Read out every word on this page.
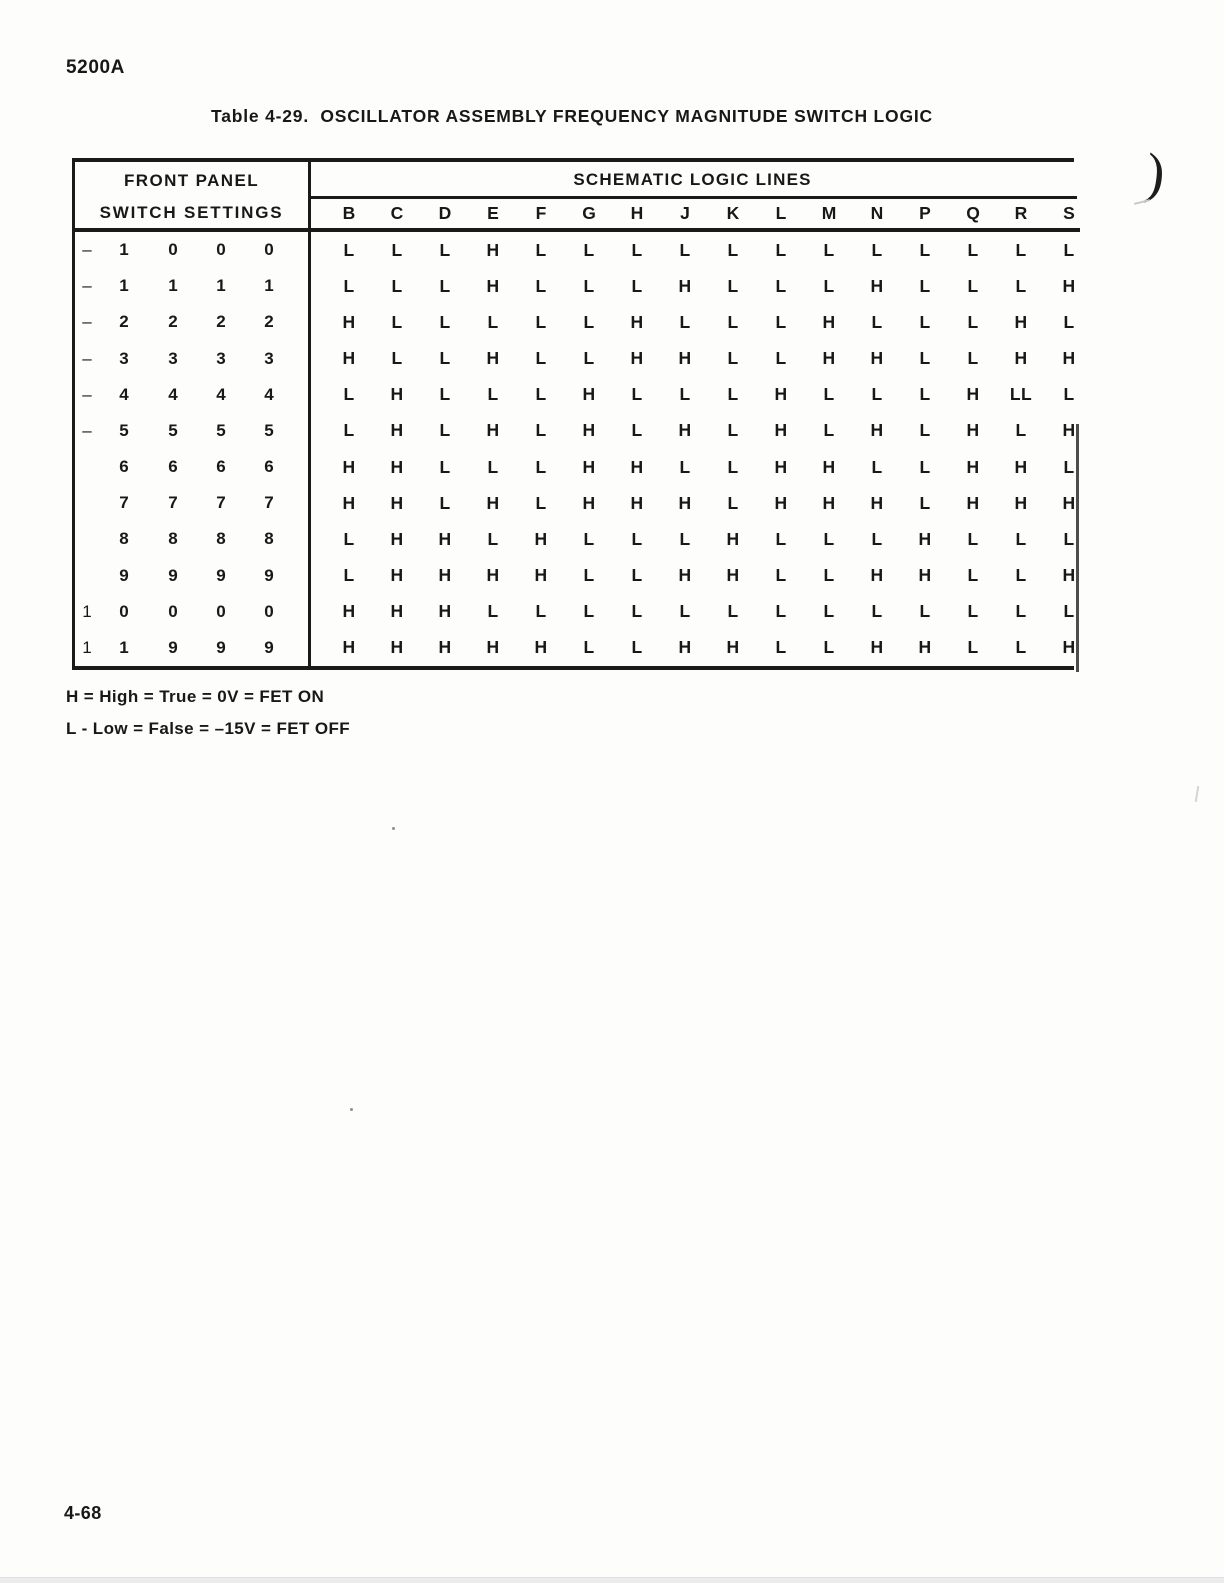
5200A
Table 4-29.  OSCILLATOR ASSEMBLY FREQUENCY MAGNITUDE SWITCH LOGIC
FRONT PANEL
SWITCH SETTINGS
SCHEMATIC LOGIC LINES
B	C	D	E	F	G	H	J	K	L	M	N	P	Q	R	S
–	1	0	0	0	L	L	L	H	L	L	L	L	L	L	L	L	L	L	L	L
–	1	1	1	1	L	L	L	H	L	L	L	H	L	L	L	H	L	L	L	H
–	2	2	2	2	H	L	L	L	L	L	H	L	L	L	H	L	L	L	H	L
–	3	3	3	3	H	L	L	H	L	L	H	H	L	L	H	H	L	L	H	H
–	4	4	4	4	L	H	L	L	L	H	L	L	L	H	L	L	L	H	LL	L
–	5	5	5	5	L	H	L	H	L	H	L	H	L	H	L	H	L	H	L	H
6	6	6	6	H	H	L	L	L	H	H	L	L	H	H	L	L	H	H	L
7	7	7	7	H	H	L	H	L	H	H	H	L	H	H	H	L	H	H	H
8	8	8	8	L	H	H	L	H	L	L	L	H	L	L	L	H	L	L	L
9	9	9	9	L	H	H	H	H	L	L	H	H	L	L	H	H	L	L	H
1	0	0	0	0	H	H	H	L	L	L	L	L	L	L	L	L	L	L	L	L
1	1	9	9	9	H	H	H	H	H	L	L	H	H	L	L	H	H	L	L	H
H = High = True = 0V = FET ON
L - Low = False = –15V = FET OFF
4-68
)
